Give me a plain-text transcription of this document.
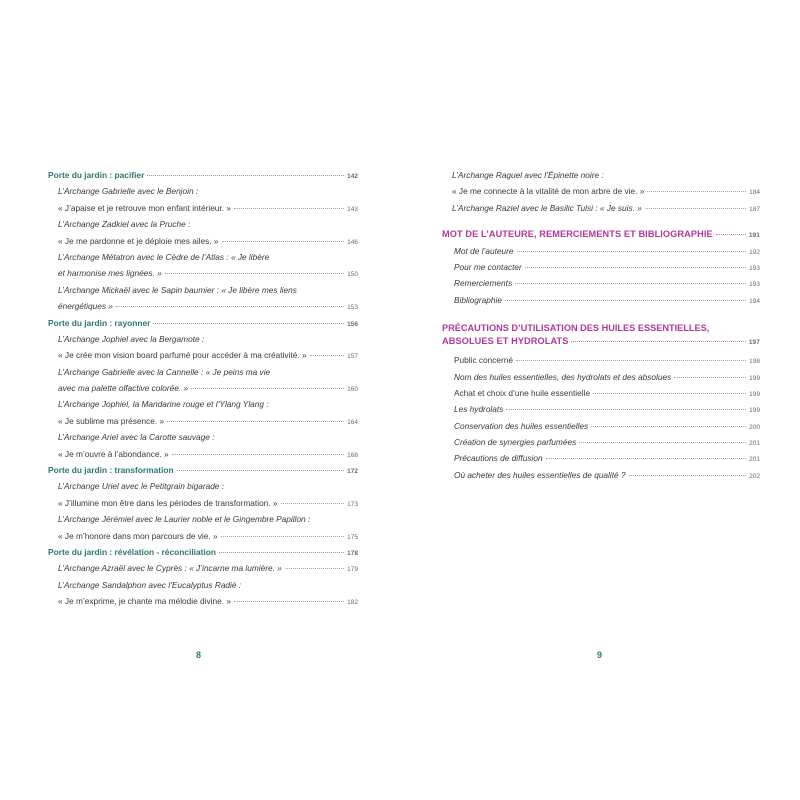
Porte du jardin : pacifier	142
L’Archange Gabrielle avec le Benjoin :
« J’apaise et je retrouve mon enfant intérieur. »	143
L’Archange Zadkiel avec la Pruche :
« Je me pardonne et je déploie mes ailes. »	146
L’Archange Métatron avec le Cèdre de l’Atlas : « Je libère
et harmonise mes lignées. »	150
L’Archange Mickaël avec le Sapin baumier : « Je libère mes liens
énergétiques »	153
Porte du jardin : rayonner	156
L’Archange Jophiel avec la Bergamote :
« Je crée mon vision board parfumé pour accéder à ma créativité. »	157
L’Archange Gabrielle avec la Cannelle : « Je peins ma vie
avec ma palette olfactive colorée. »	160
L’Archange Jophiel, la Mandarine rouge et l’Ylang Ylang :
« Je sublime ma présence. »	164
L’Archange Ariel avec la Carotte sauvage :
« Je m’ouvre à l’abondance. »	168
Porte du jardin : transformation	172
L’Archange Uriel avec le Petitgrain bigarade :
« J’illumine mon être dans les périodes de transformation. »	173
L’Archange Jérémiel avec le Laurier noble et le Gingembre Papillon :
« Je m’honore dans mon parcours de vie. »	175
Porte du jardin : révélation - réconciliation	178
L’Archange Azraël avec le Cyprès : « J’incarne ma lumière. »	179
L’Archange Sandalphon avec l’Eucalyptus Radié :
« Je m’exprime, je chante ma mélodie divine. »	182
8	9
L’Archange Raguel avec l’Épinette noire :
« Je me connecte à la vitalité de mon arbre de vie. »	184
L’Archange Raziel avec le Basilic Tulsi : « Je suis. »	187
MOT DE L’AUTEURE, REMERCIEMENTS ET BIBLIOGRAPHIE	191
Mot de l’auteure	192
Pour me contacter	193
Remerciements	193
Bibliographie	194
PRÉCAUTIONS D’UTILISATION DES HUILES ESSENTIELLES,
ABSOLUES ET HYDROLATS	197
Public concerné	198
Nom des huiles essentielles, des hydrolats et des absolues	199
Achat et choix d’une huile essentielle	199
Les hydrolats	199
Conservation des huiles essentielles	200
Création de synergies parfumées	201
Précautions de diffusion	201
Où acheter des huiles essentielles de qualité ?	202
